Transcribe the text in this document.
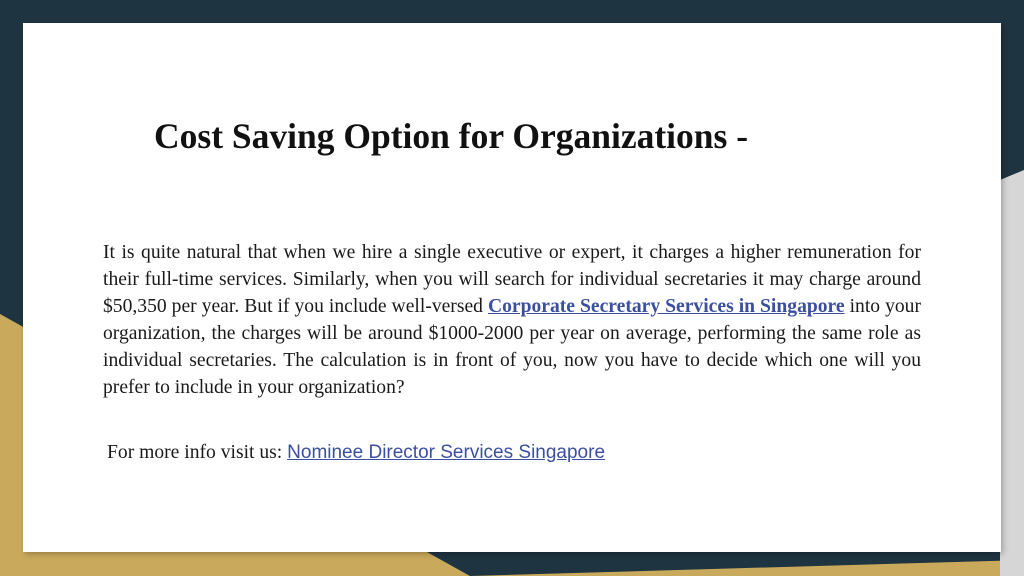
Cost Saving Option for Organizations -

It is quite natural that when we hire a single executive or expert, it charges a higher remuneration for their full-time services. Similarly, when you will search for individual secretaries it may charge around $50,350 per year. But if you include well-versed Corporate Secretary Services in Singapore into your organization, the charges will be around $1000-2000 per year on average, performing the same role as individual secretaries. The calculation is in front of you, now you have to decide which one will you prefer to include in your organization?

For more info visit us: Nominee Director Services Singapore
